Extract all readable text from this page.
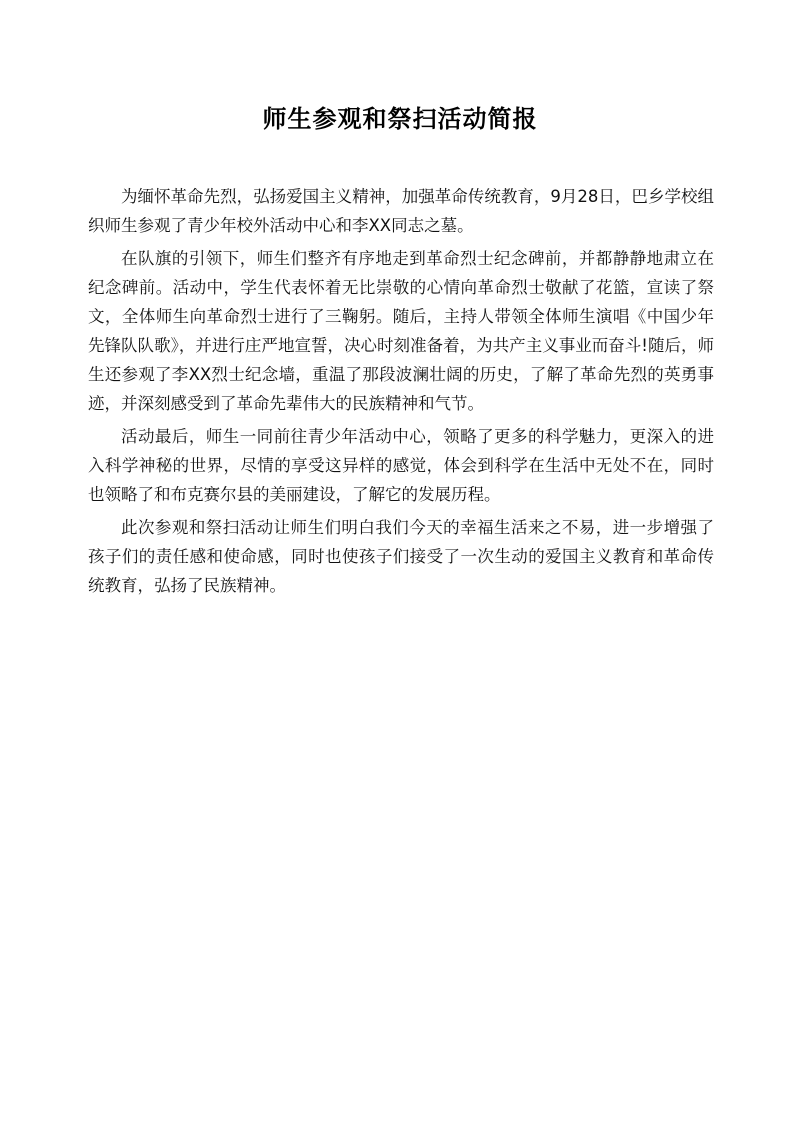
师生参观和祭扫活动简报

为缅怀革命先烈，弘扬爱国主义精神，加强革命传统教育，9月28日，巴乡学校组织师生参观了青少年校外活动中心和李XX同志之墓。

在队旗的引领下，师生们整齐有序地走到革命烈士纪念碑前，并都静静地肃立在纪念碑前。活动中，学生代表怀着无比崇敬的心情向革命烈士敬献了花篮，宣读了祭文，全体师生向革命烈士进行了三鞠躬。随后，主持人带领全体师生演唱《中国少年先锋队队歌》，并进行庄严地宣誓，决心时刻准备着，为共产主义事业而奋斗!随后，师生还参观了李XX烈士纪念墙，重温了那段波澜壮阔的历史，了解了革命先烈的英勇事迹，并深刻感受到了革命先辈伟大的民族精神和气节。

活动最后，师生一同前往青少年活动中心，领略了更多的科学魅力，更深入的进入科学神秘的世界，尽情的享受这异样的感觉，体会到科学在生活中无处不在，同时也领略了和布克赛尔县的美丽建设，了解它的发展历程。

此次参观和祭扫活动让师生们明白我们今天的幸福生活来之不易，进一步增强了孩子们的责任感和使命感，同时也使孩子们接受了一次生动的爱国主义教育和革命传统教育，弘扬了民族精神。
